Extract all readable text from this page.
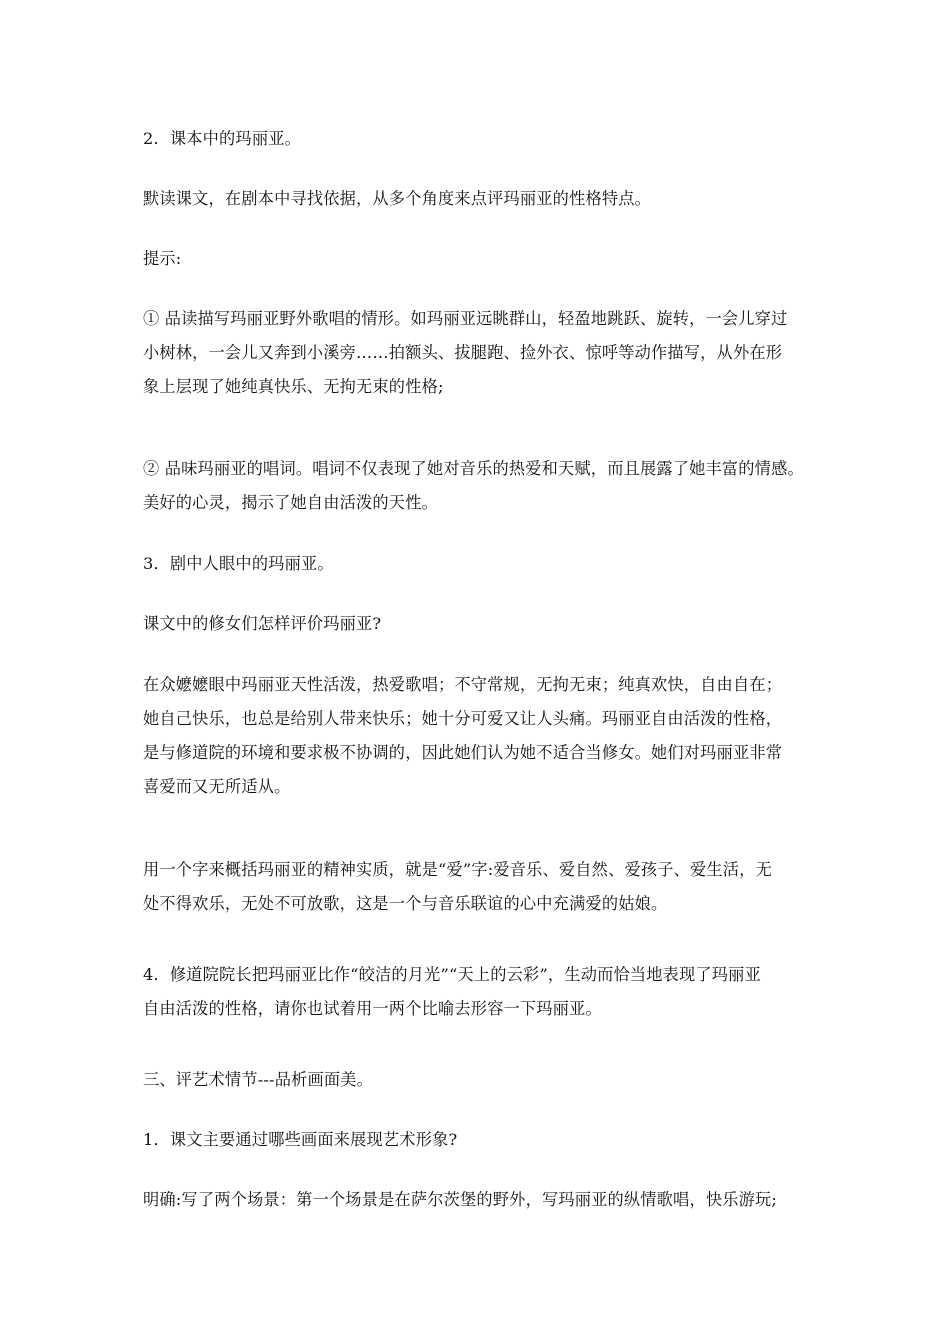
2．课本中的玛丽亚。

默读课文，在剧本中寻找依据，从多个角度来点评玛丽亚的性格特点。

提示:

① 品读描写玛丽亚野外歌唱的情形。如玛丽亚远眺群山，轻盈地跳跃、旋转，一会儿穿过
小树林，一会儿又奔到小溪旁……拍额头、拔腿跑、捡外衣、惊呼等动作描写，从外在形
象上层现了她纯真快乐、无拘无束的性格;

② 品味玛丽亚的唱词。唱词不仅表现了她对音乐的热爱和天赋，而且展露了她丰富的情感。
美好的心灵，揭示了她自由活泼的天性。

3．剧中人眼中的玛丽亚。

课文中的修女们怎样评价玛丽亚?

在众嬷嬷眼中玛丽亚天性活泼，热爱歌唱；不守常规，无拘无束；纯真欢快，自由自在；
她自己快乐，也总是给别人带来快乐；她十分可爱又让人头痛。玛丽亚自由活泼的性格，
是与修道院的环境和要求极不协调的，因此她们认为她不适合当修女。她们对玛丽亚非常
喜爱而又无所适从。

用一个字来概括玛丽亚的精神实质，就是“爱”字:爱音乐、爱自然、爱孩子、爱生活，无
处不得欢乐，无处不可放歌，这是一个与音乐联谊的心中充满爱的姑娘。

4．修道院院长把玛丽亚比作“皎洁的月光”“天上的云彩”，生动而恰当地表现了玛丽亚
自由活泼的性格，请你也试着用一两个比喻去形容一下玛丽亚。

三、评艺术情节---品析画面美。

1．课文主要通过哪些画面来展现艺术形象?

明确:写了两个场景：第一个场景是在萨尔茨堡的野外，写玛丽亚的纵情歌唱，快乐游玩;
